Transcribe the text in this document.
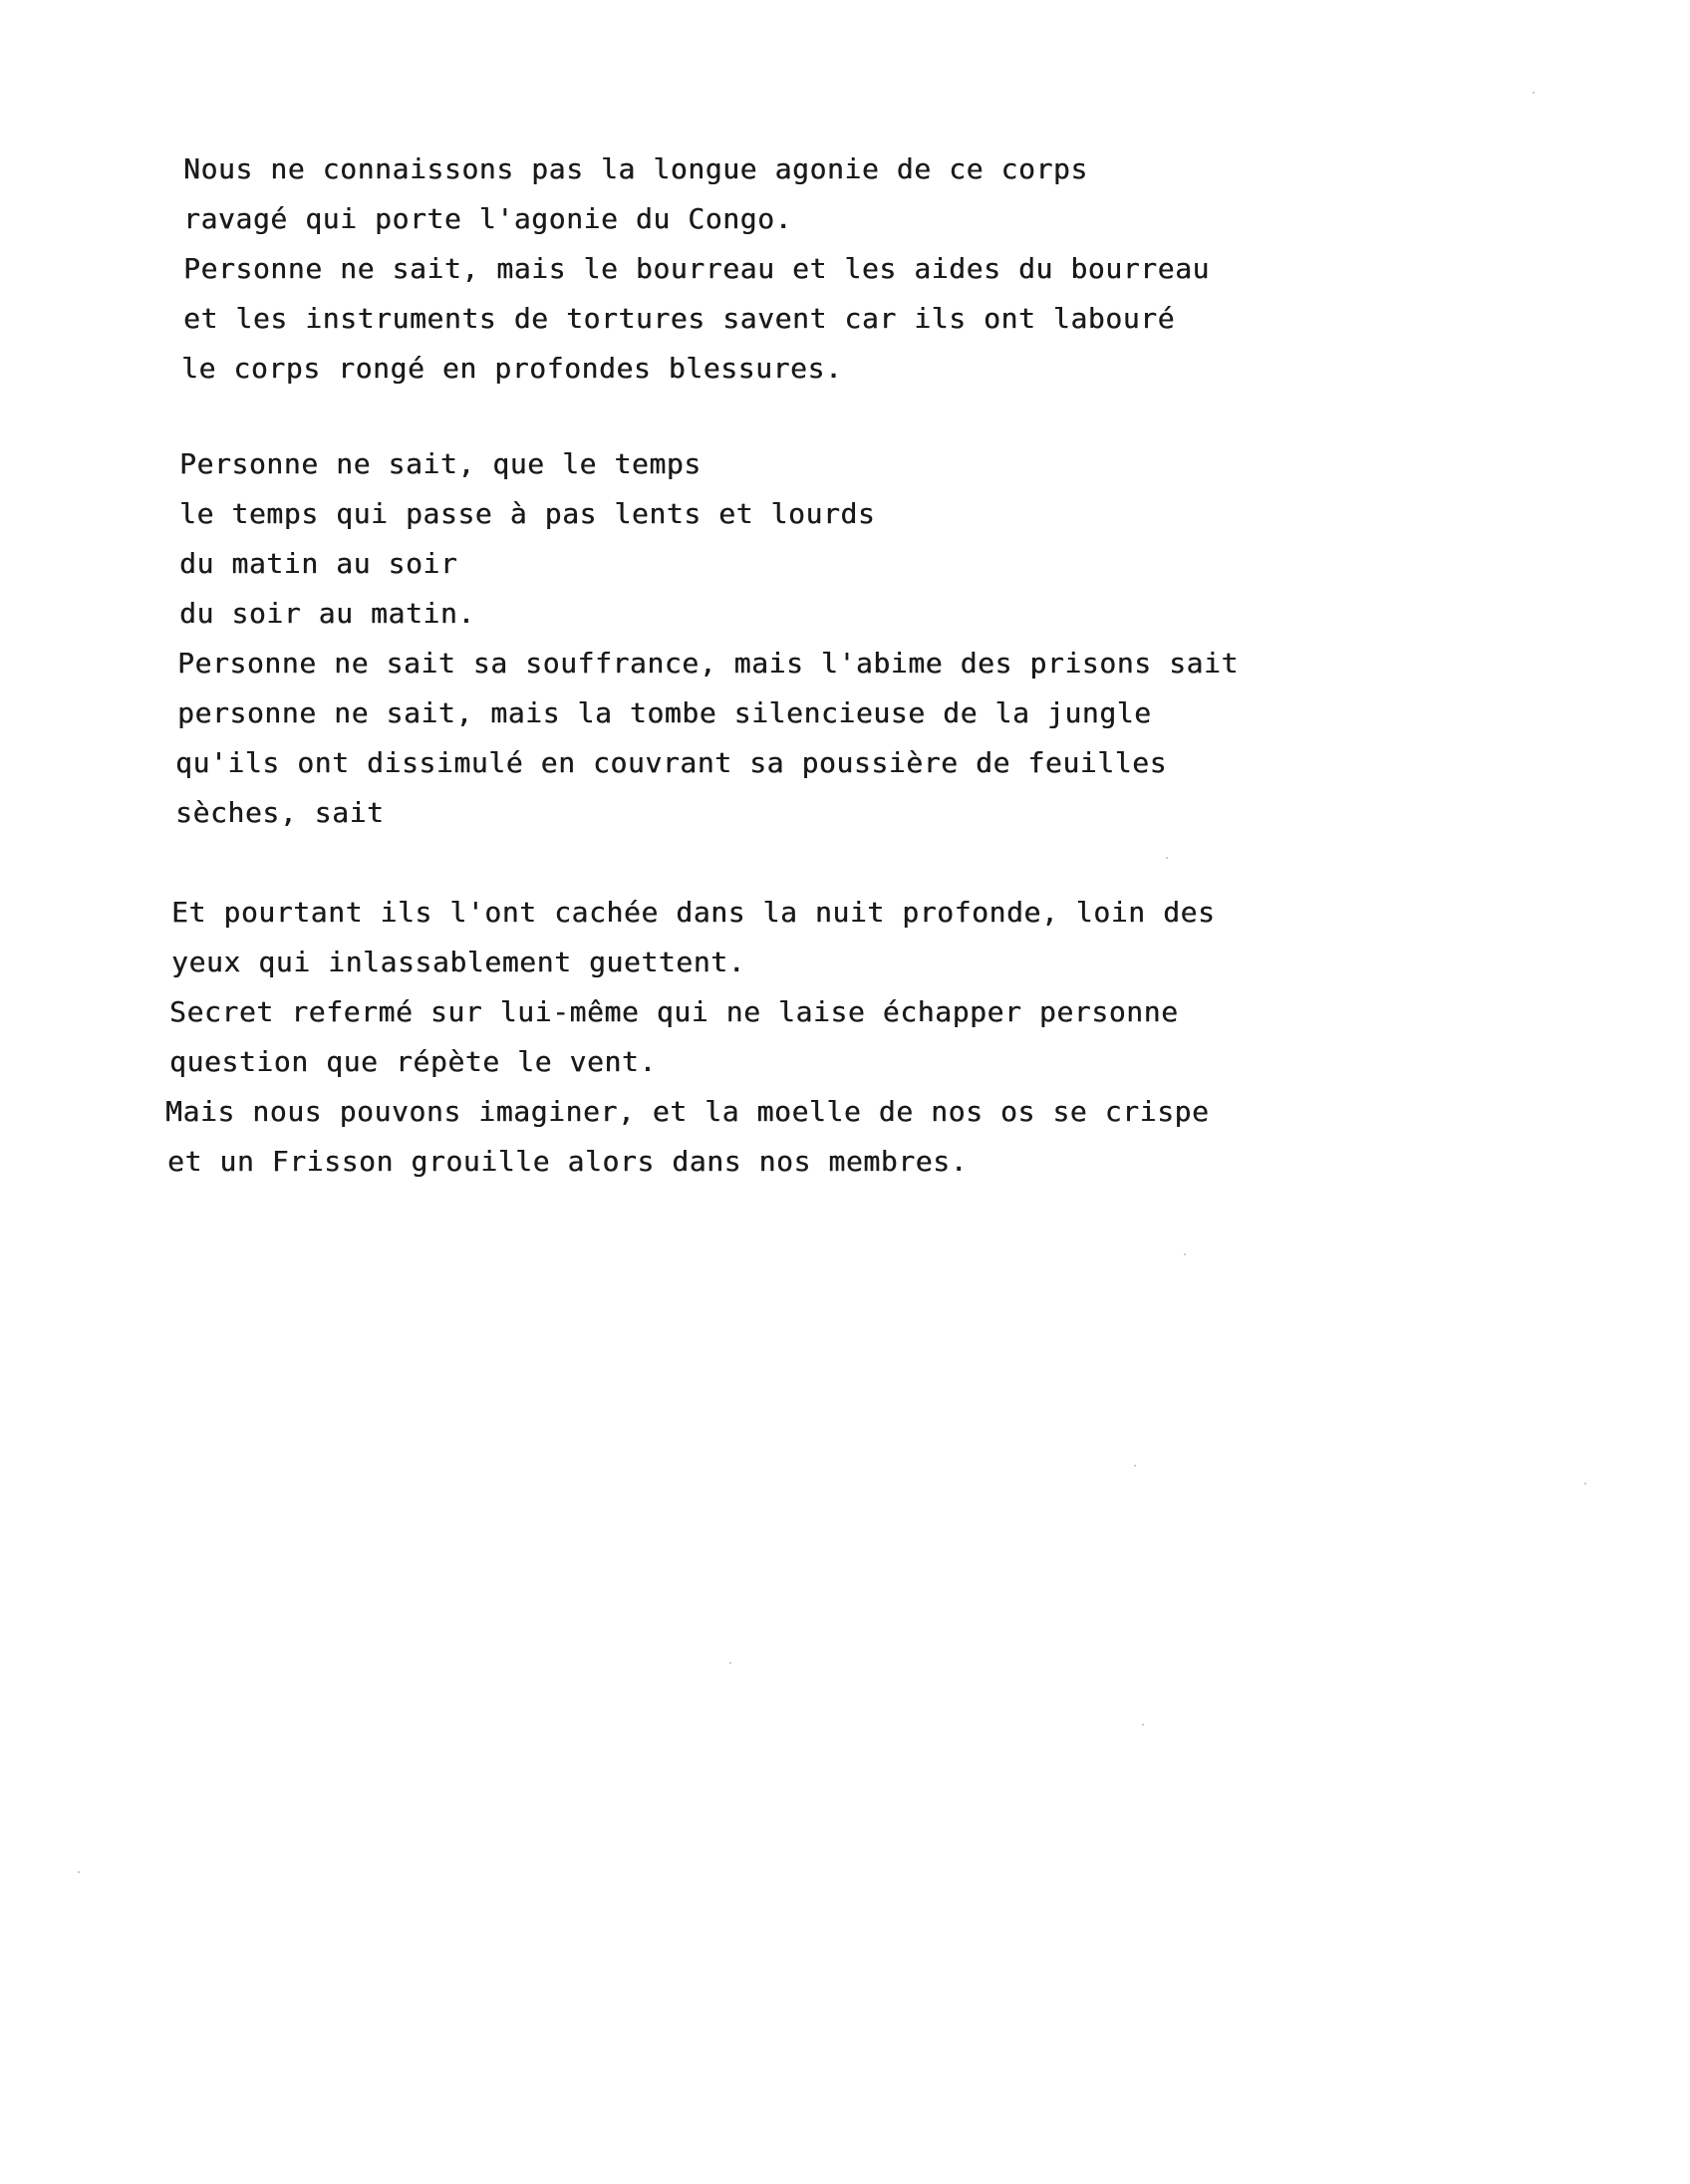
Nous ne connaissons pas la longue agonie de ce corps
ravagé qui porte l'agonie du Congo.
Personne ne sait, mais le bourreau et les aides du bourreau
et les instruments de tortures savent car ils ont labouré
le corps rongé en profondes blessures.
Personne ne sait, que le temps
le temps qui passe à pas lents et lourds
du matin au soir
du soir au matin.
Personne ne sait sa souffrance, mais l'abime des prisons sait
personne ne sait, mais la tombe silencieuse de la jungle
qu'ils ont dissimulé en couvrant sa poussière de feuilles
sèches, sait
Et pourtant ils l'ont cachée dans la nuit profonde, loin des
yeux qui inlassablement guettent.
Secret refermé sur lui-même qui ne laise échapper personne
question que répète le vent.
Mais nous pouvons imaginer, et la moelle de nos os se crispe
et un Frisson grouille alors dans nos membres.
